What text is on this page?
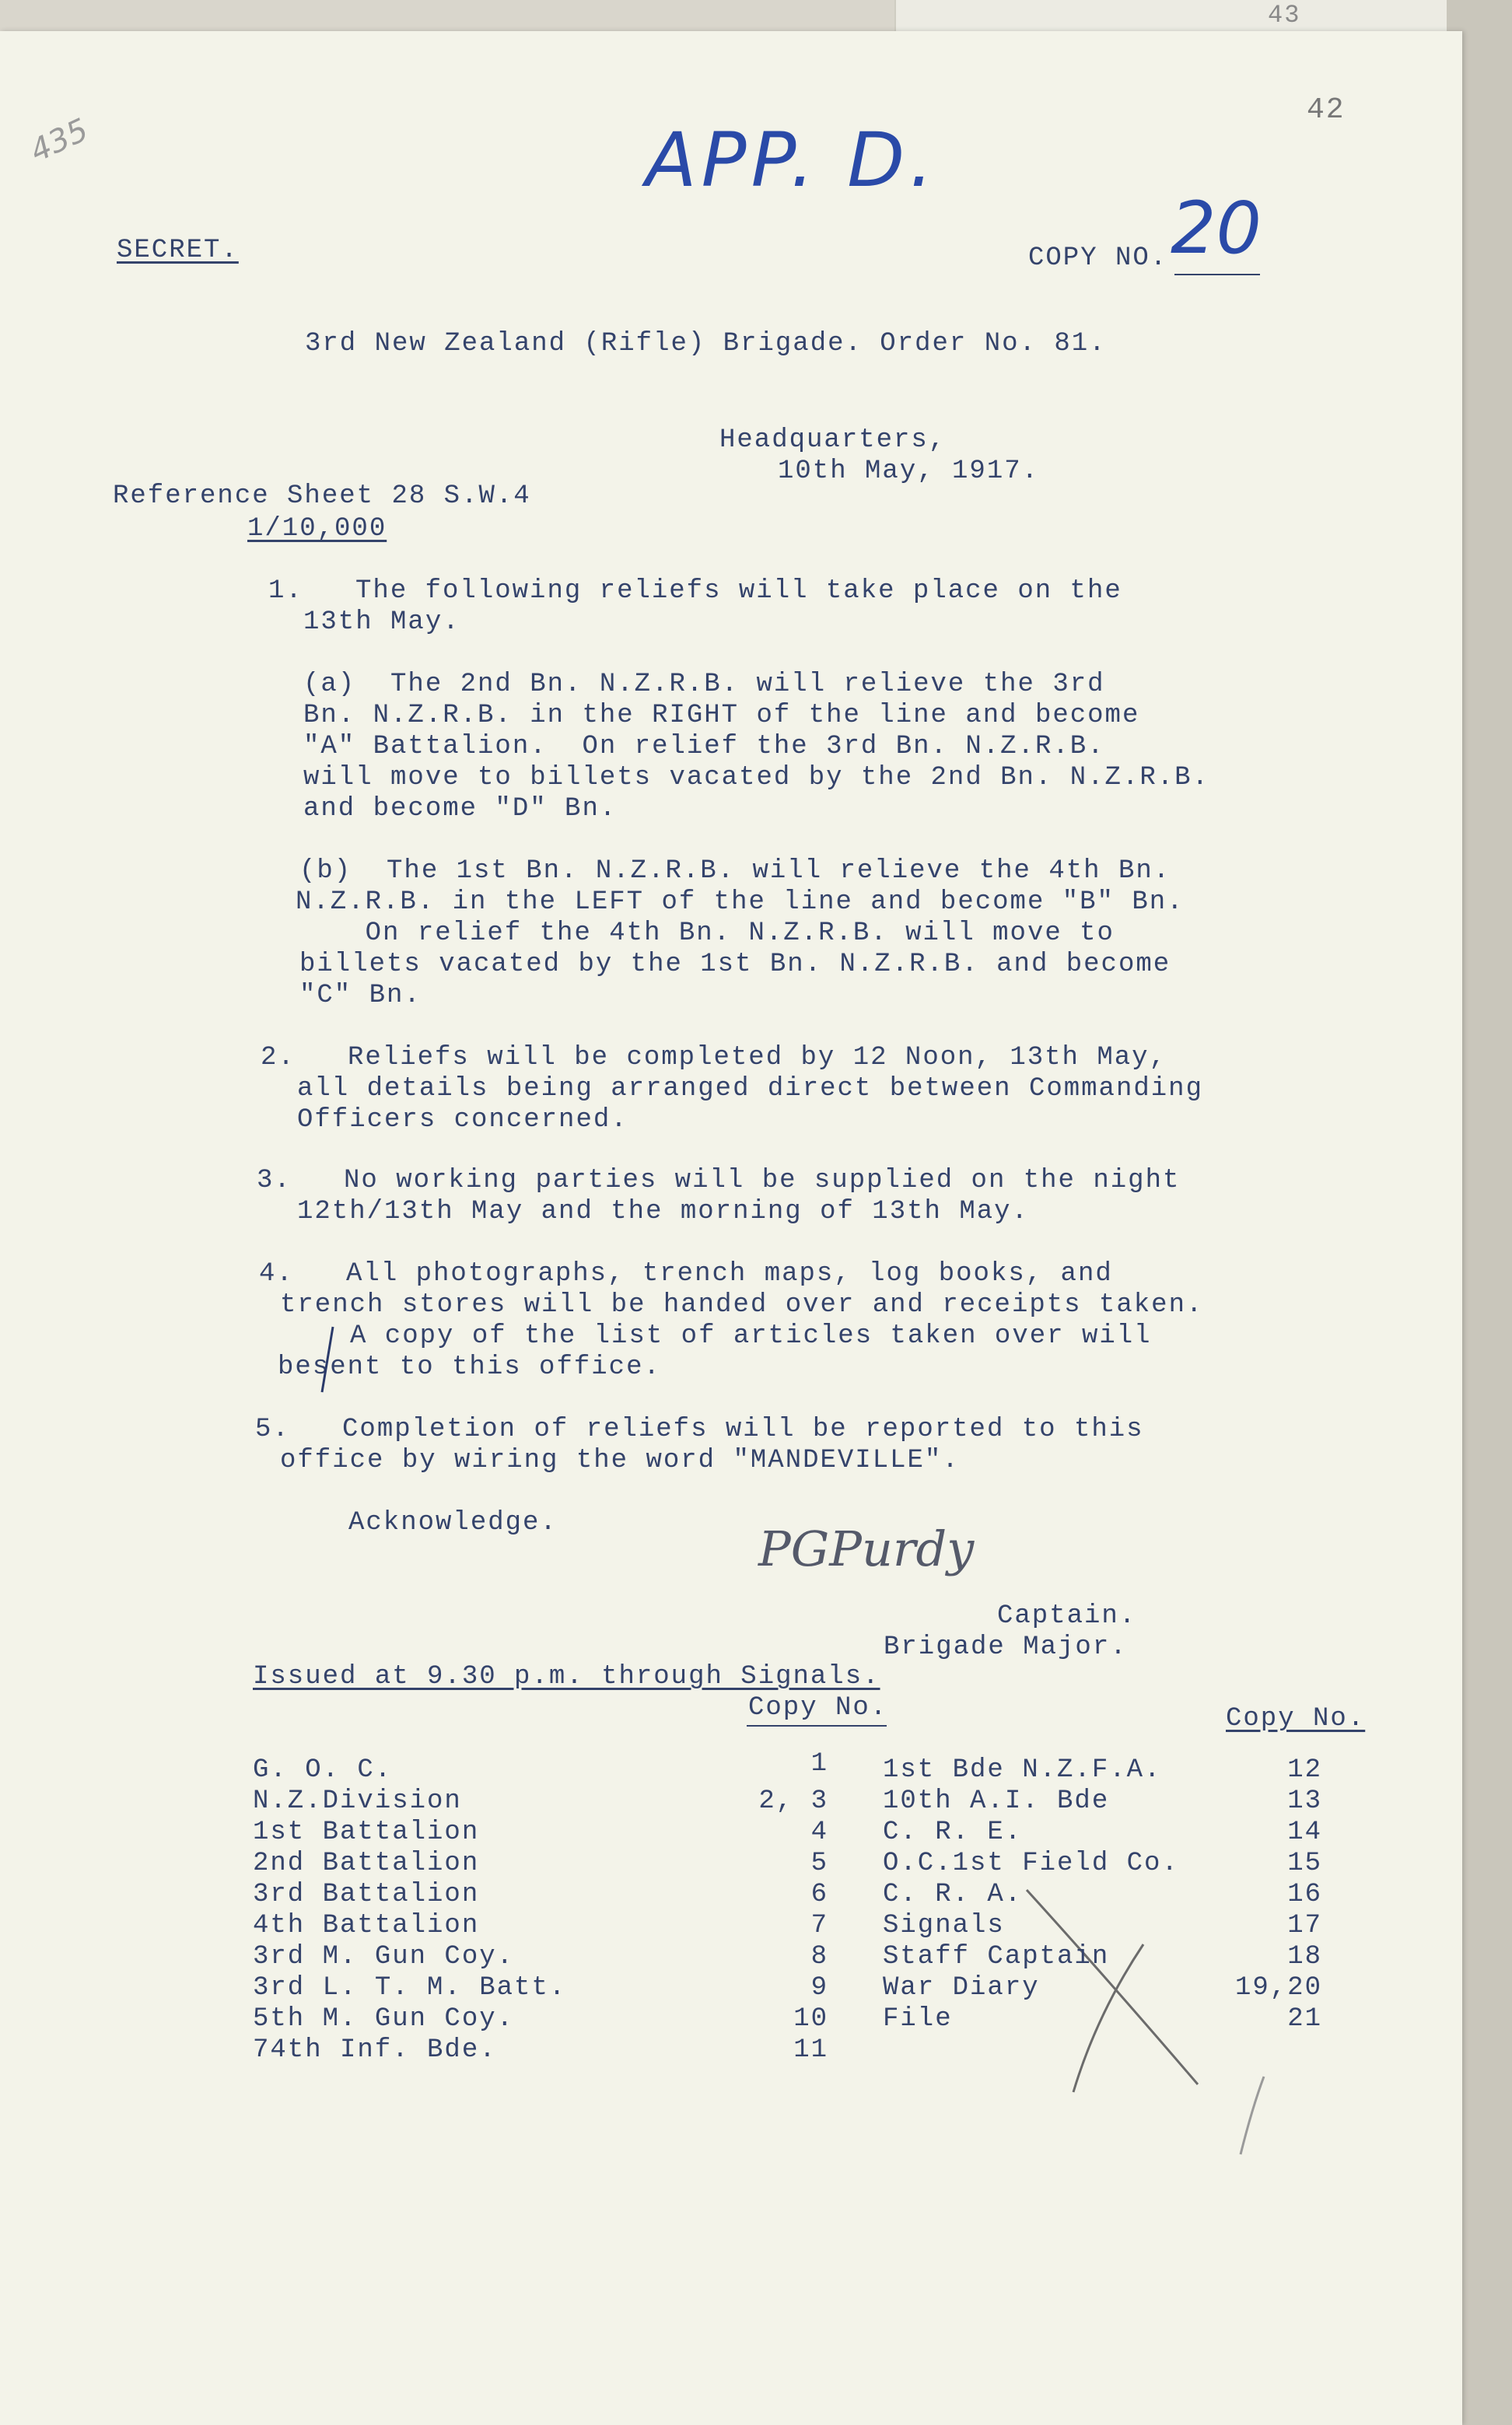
43
435
42
APP. D.
SECRET.	COPY NO. 20
3rd New Zealand (Rifle) Brigade. Order No. 81.
Headquarters,
10th May, 1917.
Reference Sheet 28 S.W.4
1/10,000
1.   The following reliefs will take place on the
13th May.
(a)  The 2nd Bn. N.Z.R.B. will relieve the 3rd
Bn. N.Z.R.B. in the RIGHT of the line and become
"A" Battalion.  On relief the 3rd Bn. N.Z.R.B.
will move to billets vacated by the 2nd Bn. N.Z.R.B.
and become "D" Bn.
(b)  The 1st Bn. N.Z.R.B. will relieve the 4th Bn.
N.Z.R.B. in the LEFT of the line and become "B" Bn.
On relief the 4th Bn. N.Z.R.B. will move to
billets vacated by the 1st Bn. N.Z.R.B. and become
"C" Bn.
2.   Reliefs will be completed by 12 Noon, 13th May,
all details being arranged direct between Commanding
Officers concerned.
3.   No working parties will be supplied on the night
12th/13th May and the morning of 13th May.
4.   All photographs, trench maps, log books, and
trench stores will be handed over and receipts taken.
A copy of the list of articles taken over will
besent to this office.
5.   Completion of reliefs will be reported to this
office by wiring the word "MANDEVILLE".
Acknowledge.	PGPurdy
Captain.
Brigade Major.
Issued at 9.30 p.m. through Signals.
Copy No.	Copy No.
G. O. C.	1
N.Z.Division	2, 3
1st Battalion	4
2nd Battalion	5
3rd Battalion	6
4th Battalion	7
3rd M. Gun Coy.	8
3rd L. T. M. Batt.	9
5th M. Gun Coy.	10
74th Inf. Bde.	11
1st Bde N.Z.F.A.	12
10th A.I. Bde	13
C. R. E.	14
O.C.1st Field Co.	15
C. R. A.	16
Signals	17
Staff Captain	18
War Diary	19,20
File	21
